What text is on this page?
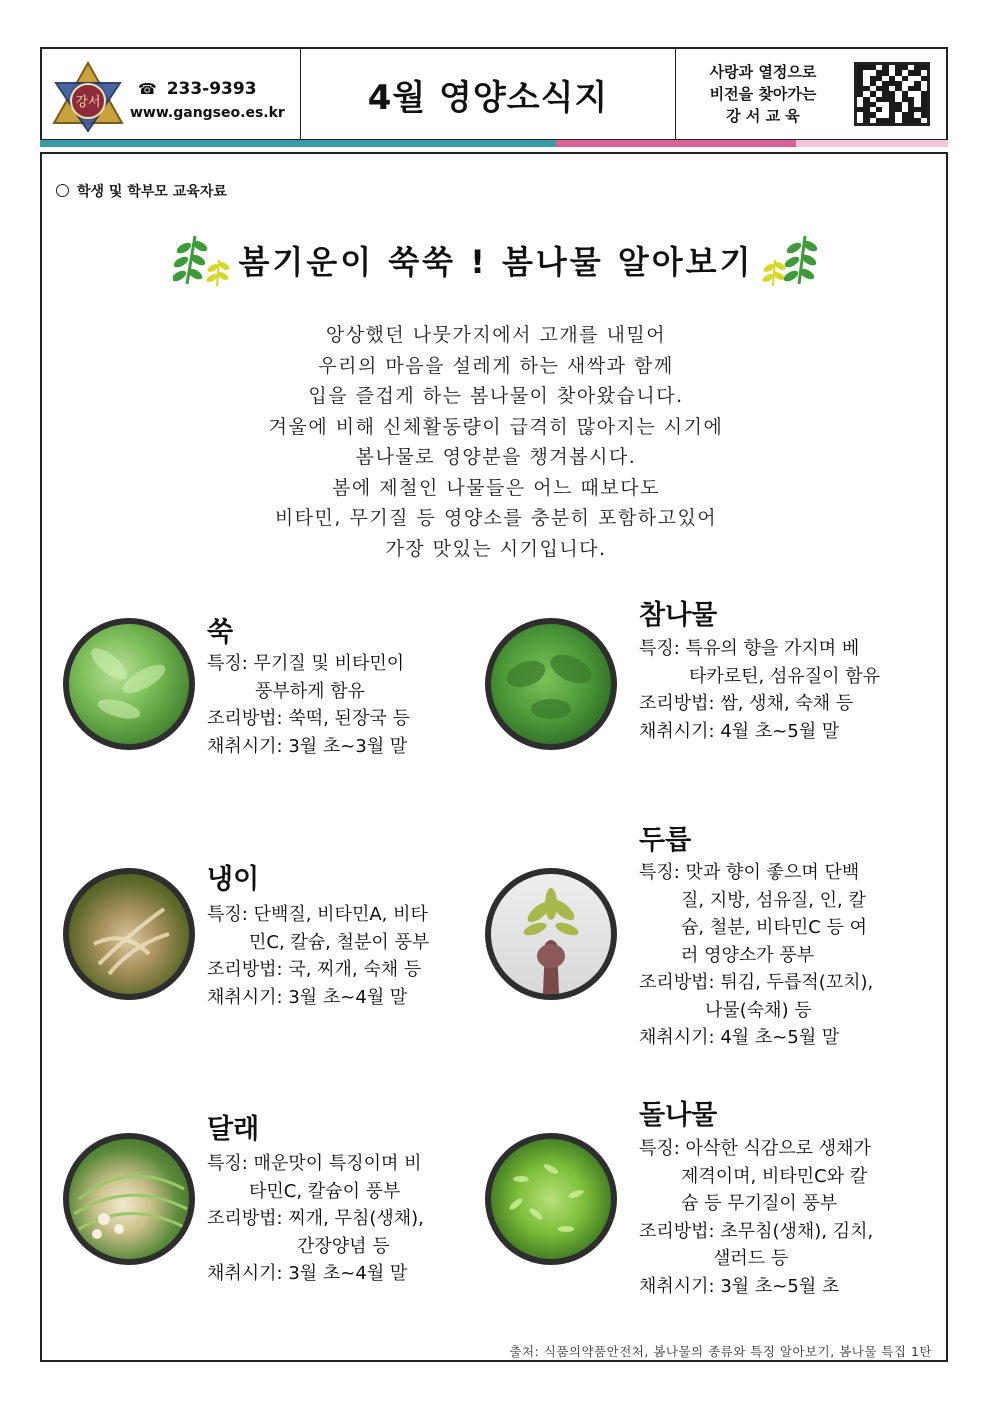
강서
☎ 233-9393
www.gangseo.es.kr 4월 영양소식지
사랑과 열정으로
비전을 찾아가는
강 서 교 육
학생 및 학부모 교육자료
봄기운이 쑥쑥 ! 봄나물 알아보기
앙상했던 나뭇가지에서 고개를 내밀어
우리의 마음을 설레게 하는 새싹과 함께
입을 즐겁게 하는 봄나물이 찾아왔습니다.
겨울에 비해 신체활동량이 급격히 많아지는 시기에
봄나물로 영양분을 챙겨봅시다.
봄에 제철인 나물들은 어느 때보다도
비타민, 무기질 등 영양소를 충분히 포함하고있어
가장 맛있는 시기입니다.
쑥
특징: 무기질 및 비타민이
풍부하게 함유
조리방법: 쑥떡, 된장국 등
채취시기: 3월 초~3월 말
참나물
특징: 특유의 향을 가지며 베
타카로틴, 섬유질이 함유
조리방법: 쌈, 생채, 숙채 등
채취시기: 4월 초~5월 말
냉이
특징: 단백질, 비타민A, 비타
민C, 칼슘, 철분이 풍부
조리방법: 국, 찌개, 숙채 등
채취시기: 3월 초~4월 말
두릅
특징: 맛과 향이 좋으며 단백
질, 지방, 섬유질, 인, 칼
슘, 철분, 비타민C 등 여
러 영양소가 풍부
조리방법: 튀김, 두릅적(꼬치),
나물(숙채) 등
채취시기: 4월 초~5월 말
달래
특징: 매운맛이 특징이며 비
타민C, 칼슘이 풍부
조리방법: 찌개, 무침(생채),
간장양념 등
채취시기: 3월 초~4월 말
돌나물
특징: 아삭한 식감으로 생채가
제격이며, 비타민C와 칼
슘 등 무기질이 풍부
조리방법: 초무침(생채), 김치,
샐러드 등
채취시기: 3월 초~5월 초
출처: 식품의약품안전처, 봄나물의 종류와 특징 알아보기, 봄나물 특집 1탄
